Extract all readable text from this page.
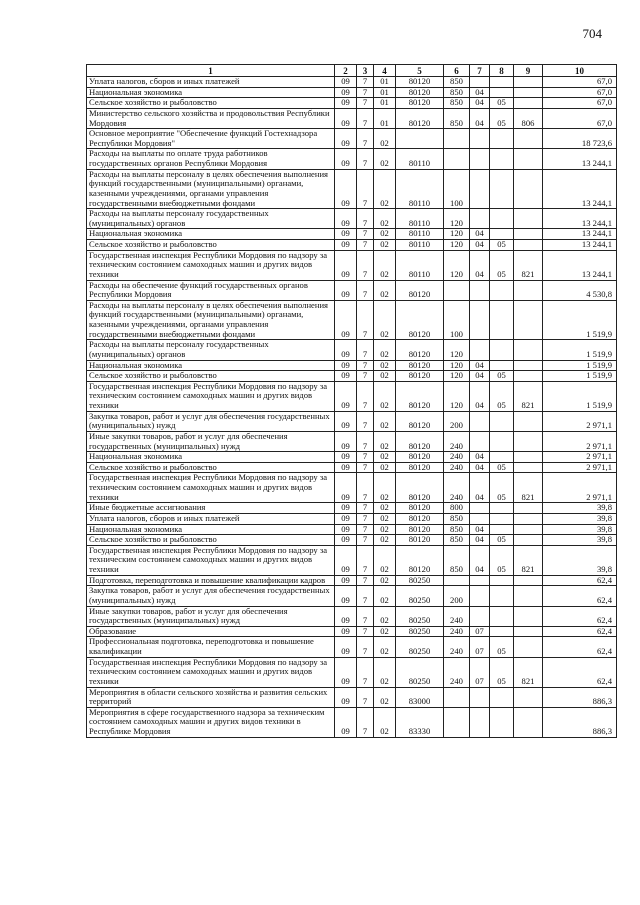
704
1	2	3	4	5	6	7	8	9	10
Уплата налогов, сборов и иных платежей	09	7	01	80120	850				67,0
Национальная экономика	09	7	01	80120	850	04			67,0
Сельское хозяйство и рыболовство	09	7	01	80120	850	04	05		67,0
Министерство сельского хозяйства и продовольствия Республики Мордовия	09	7	01	80120	850	04	05	806	67,0
Основное мероприятие "Обеспечение функций Гостехнадзора Республики Мордовия"	09	7	02						18 723,6
Расходы на выплаты по оплате труда работников государственных органов Республики Мордовия	09	7	02	80110					13 244,1
Расходы на выплаты персоналу в целях обеспечения выполнения функций государственными (муниципальными) органами, казенными учреждениями, органами управления государственными внебюджетными фондами	09	7	02	80110	100				13 244,1
Расходы на выплаты персоналу государственных (муниципальных) органов	09	7	02	80110	120				13 244,1
Национальная экономика	09	7	02	80110	120	04			13 244,1
Сельское хозяйство и рыболовство	09	7	02	80110	120	04	05		13 244,1
Государственная инспекция Республики Мордовия по надзору за техническим состоянием самоходных машин и других видов техники	09	7	02	80110	120	04	05	821	13 244,1
Расходы на обеспечение функций государственных органов Республики Мордовия	09	7	02	80120					4 530,8
Расходы на выплаты персоналу в целях обеспечения выполнения функций государственными (муниципальными) органами, казенными учреждениями, органами управления государственными внебюджетными фондами	09	7	02	80120	100				1 519,9
Расходы на выплаты персоналу государственных (муниципальных) органов	09	7	02	80120	120				1 519,9
Национальная экономика	09	7	02	80120	120	04			1 519,9
Сельское хозяйство и рыболовство	09	7	02	80120	120	04	05		1 519,9
Государственная инспекция Республики Мордовия по надзору за техническим состоянием самоходных машин и других видов техники	09	7	02	80120	120	04	05	821	1 519,9
Закупка товаров, работ и услуг для обеспечения государственных (муниципальных) нужд	09	7	02	80120	200				2 971,1
Иные закупки товаров, работ и услуг для обеспечения государственных (муниципальных) нужд	09	7	02	80120	240				2 971,1
Национальная экономика	09	7	02	80120	240	04			2 971,1
Сельское хозяйство и рыболовство	09	7	02	80120	240	04	05		2 971,1
Государственная инспекция Республики Мордовия по надзору за техническим состоянием самоходных машин и других видов техники	09	7	02	80120	240	04	05	821	2 971,1
Иные бюджетные ассигнования	09	7	02	80120	800				39,8
Уплата налогов, сборов и иных платежей	09	7	02	80120	850				39,8
Национальная экономика	09	7	02	80120	850	04			39,8
Сельское хозяйство и рыболовство	09	7	02	80120	850	04	05		39,8
Государственная инспекция Республики Мордовия по надзору за техническим состоянием самоходных машин и других видов техники	09	7	02	80120	850	04	05	821	39,8
Подготовка, переподготовка и повышение квалификации кадров	09	7	02	80250					62,4
Закупка товаров, работ и услуг для обеспечения государственных (муниципальных) нужд	09	7	02	80250	200				62,4
Иные закупки товаров, работ и услуг для обеспечения государственных (муниципальных) нужд	09	7	02	80250	240				62,4
Образование	09	7	02	80250	240	07			62,4
Профессиональная подготовка, переподготовка и повышение квалификации	09	7	02	80250	240	07	05		62,4
Государственная инспекция Республики Мордовия по надзору за техническим состоянием самоходных машин и других видов техники	09	7	02	80250	240	07	05	821	62,4
Мероприятия в области сельского хозяйства и развития сельских территорий	09	7	02	83000					886,3
Мероприятия в сфере государственного надзора за техническим состоянием самоходных машин и других видов техники в Республике Мордовия	09	7	02	83330					886,3
